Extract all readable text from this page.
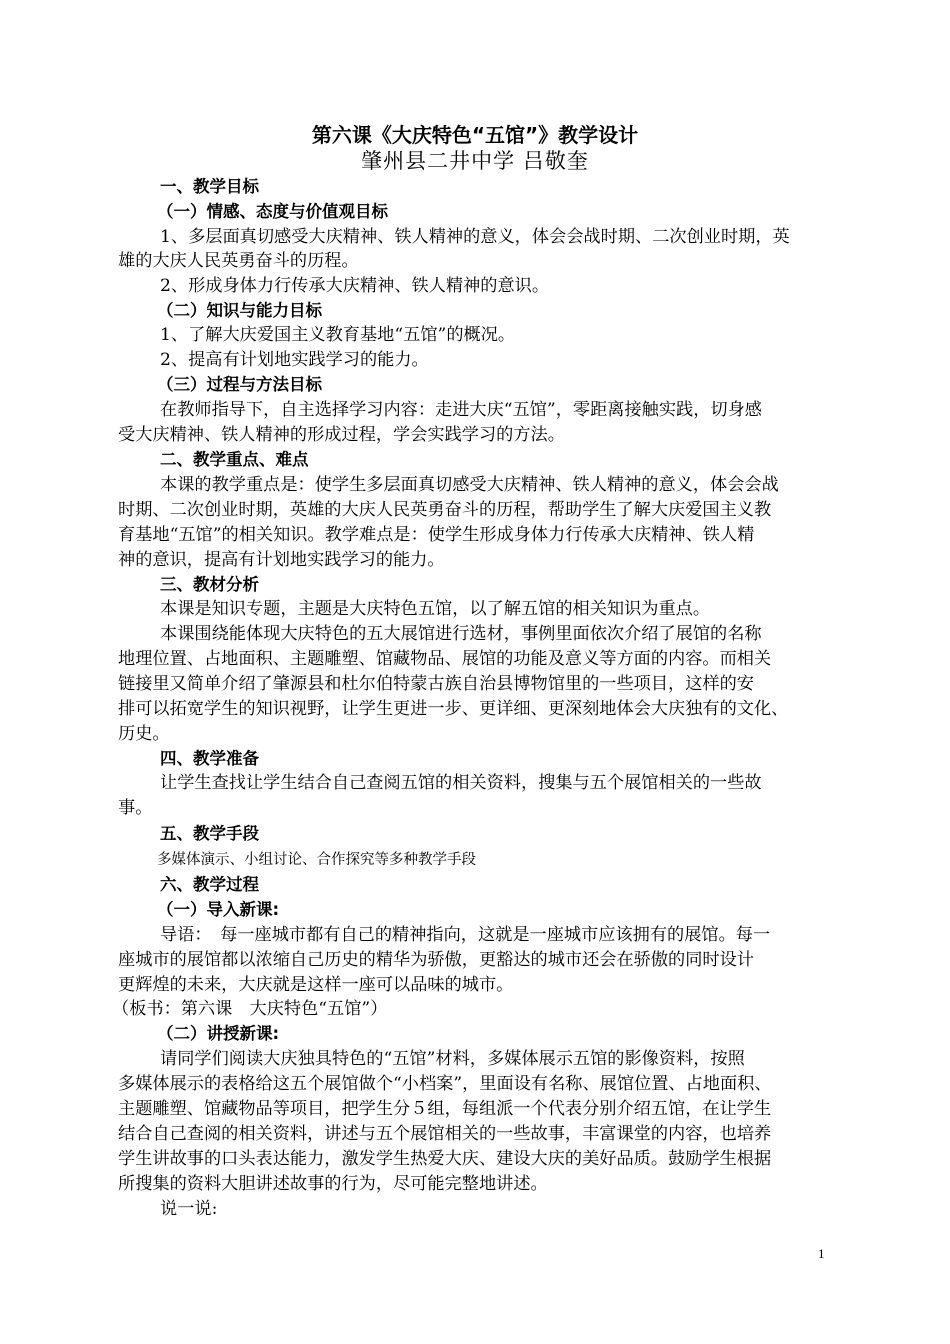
第六课《大庆特色“五馆”》教学设计
肇州县二井中学 吕敬奎
一、教学目标
（一）情感、态度与价值观目标
1、多层面真切感受大庆精神、铁人精神的意义，体会会战时期、二次创业时期，英
雄的大庆人民英勇奋斗的历程。
2、形成身体力行传承大庆精神、铁人精神的意识。
（二）知识与能力目标
1、了解大庆爱国主义教育基地“五馆”的概况。
2、提高有计划地实践学习的能力。
（三）过程与方法目标
在教师指导下，自主选择学习内容：走进大庆“五馆”，零距离接触实践，切身感
受大庆精神、铁人精神的形成过程，学会实践学习的方法。
二、教学重点、难点
本课的教学重点是：使学生多层面真切感受大庆精神、铁人精神的意义，体会会战
时期、二次创业时期，英雄的大庆人民英勇奋斗的历程，帮助学生了解大庆爱国主义教
育基地“五馆”的相关知识。教学难点是：使学生形成身体力行传承大庆精神、铁人精
神的意识，提高有计划地实践学习的能力。
三、教材分析
本课是知识专题，主题是大庆特色五馆，以了解五馆的相关知识为重点。
本课围绕能体现大庆特色的五大展馆进行选材，事例里面依次介绍了展馆的名称
地理位置、占地面积、主题雕塑、馆藏物品、展馆的功能及意义等方面的内容。而相关
链接里又简单介绍了肇源县和杜尔伯特蒙古族自治县博物馆里的一些项目，这样的安
排可以拓宽学生的知识视野，让学生更进一步、更详细、更深刻地体会大庆独有的文化、
历史。
四、教学准备
让学生查找让学生结合自己查阅五馆的相关资料，搜集与五个展馆相关的一些故
事。
五、教学手段
多媒体演示、小组讨论、合作探究等多种教学手段
六、教学过程
（一）导入新课:
导语：　每一座城市都有自己的精神指向，这就是一座城市应该拥有的展馆。每一
座城市的展馆都以浓缩自己历史的精华为骄傲，更豁达的城市还会在骄傲的同时设计
更辉煌的未来，大庆就是这样一座可以品味的城市。
（板书：第六课　大庆特色“五馆”）
（二）讲授新课:
请同学们阅读大庆独具特色的“五馆”材料，多媒体展示五馆的影像资料，按照
多媒体展示的表格给这五个展馆做个“小档案”，里面设有名称、展馆位置、占地面积、
主题雕塑、馆藏物品等项目，把学生分５组，每组派一个代表分别介绍五馆，在让学生
结合自己查阅的相关资料，讲述与五个展馆相关的一些故事，丰富课堂的内容，也培养
学生讲故事的口头表达能力，激发学生热爱大庆、建设大庆的美好品质。鼓励学生根据
所搜集的资料大胆讲述故事的行为，尽可能完整地讲述。
说一说:
1
